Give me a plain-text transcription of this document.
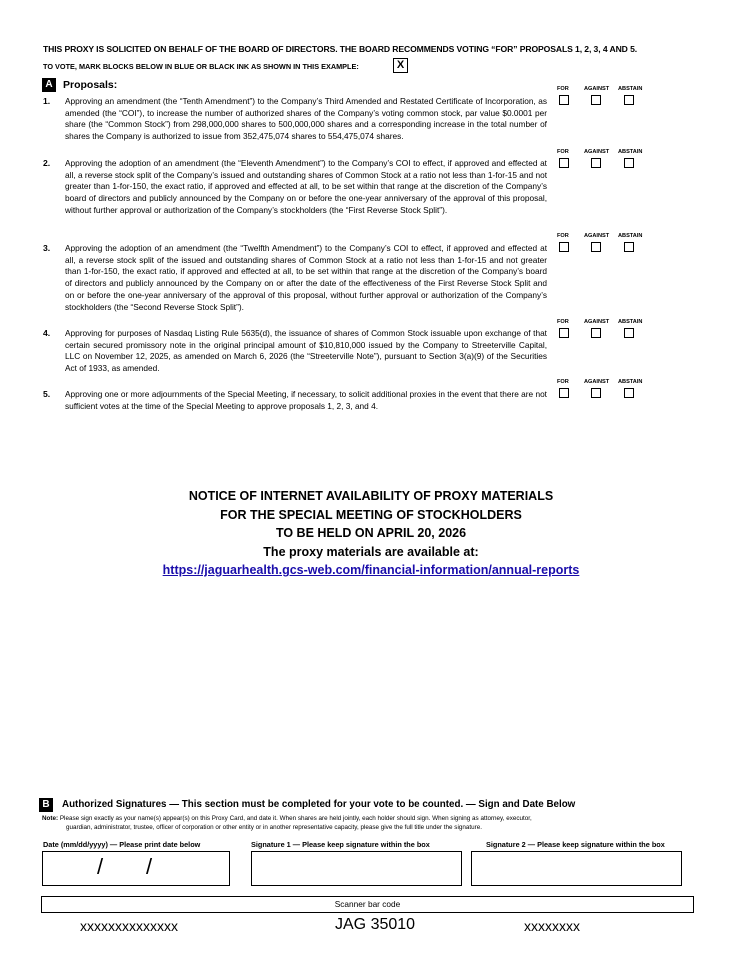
THIS PROXY IS SOLICITED ON BEHALF OF THE BOARD OF DIRECTORS. THE BOARD RECOMMENDS VOTING “FOR” PROPOSALS 1, 2, 3, 4 AND 5.
TO VOTE, MARK BLOCKS BELOW IN BLUE OR BLACK INK AS SHOWN IN THIS EXAMPLE:	X
A Proposals:
1. Approving an amendment (the “Tenth Amendment”) to the Company’s Third Amended and Restated Certificate of Incorporation, as amended (the “COI”), to increase the number of authorized shares of the Company’s voting common stock, par value $0.0001 per share (the “Common Stock”) from 298,000,000 shares to 500,000,000 shares and a corresponding increase in the total number of shares the Company is authorized to issue from 352,475,074 shares to 554,475,074 shares.
FOR	AGAINST ABSTAIN
2. Approving the adoption of an amendment (the “Eleventh Amendment”) to the Company’s COI to effect, if approved and effected at all, a reverse stock split of the Company’s issued and outstanding shares of Common Stock at a ratio not less than 1-for-15 and not greater than 1-for-150, the exact ratio, if approved and effected at all, to be set within that range at the discretion of the Company’s board of directors and publicly announced by the Company on or before the one-year anniversary of the approval of this proposal, without further approval or authorization of the Company’s stockholders (the “First Reverse Stock Split”).
FOR	AGAINST ABSTAIN
3. Approving the adoption of an amendment (the “Twelfth Amendment”) to the Company’s COI to effect, if approved and effected at all, a reverse stock split of the issued and outstanding shares of Common Stock at a ratio not less than 1-for-15 and not greater than 1-for-150, the exact ratio, if approved and effected at all, to be set within that range at the discretion of the Company’s board of directors and publicly announced by the Company on or after the date of the effectiveness of the First Reverse Stock Split and on or before the one-year anniversary of the approval of this proposal, without further approval or authorization of the Company’s stockholders (the “Second Reverse Stock Split”).
FOR	AGAINST ABSTAIN
4. Approving for purposes of Nasdaq Listing Rule 5635(d), the issuance of shares of Common Stock issuable upon exchange of that certain secured promissory note in the original principal amount of $10,810,000 issued by the Company to Streeterville Capital, LLC on November 12, 2025, as amended on March 6, 2026 (the “Streeterville Note”), pursuant to Section 3(a)(9) of the Securities Act of 1933, as amended.
FOR	AGAINST ABSTAIN
5. Approving one or more adjournments of the Special Meeting, if necessary, to solicit additional proxies in the event that there are not sufficient votes at the time of the Special Meeting to approve proposals 1, 2, 3, and 4.
FOR	AGAINST ABSTAIN
NOTICE OF INTERNET AVAILABILITY OF PROXY MATERIALS
FOR THE SPECIAL MEETING OF STOCKHOLDERS
TO BE HELD ON APRIL 20, 2026
The proxy materials are available at:
https://jaguarhealth.gcs-web.com/financial-information/annual-reports
B	Authorized Signatures — This section must be completed for your vote to be counted. — Sign and Date Below
Note: Please sign exactly as your name(s) appear(s) on this Proxy Card, and date it. When shares are held jointly, each holder should sign. When signing as attorney, executor,
guardian, administrator, trustee, officer of corporation or other entity or in another representative capacity, please give the full title under the signature.
Date (mm/dd/yyyy) — Please print date below	Signature 1 — Please keep signature within the box	Signature 2 — Please keep signature within the box
/ /
Scanner bar code
xxxxxxxxxxxxxx	JAG 35010	xxxxxxxx
